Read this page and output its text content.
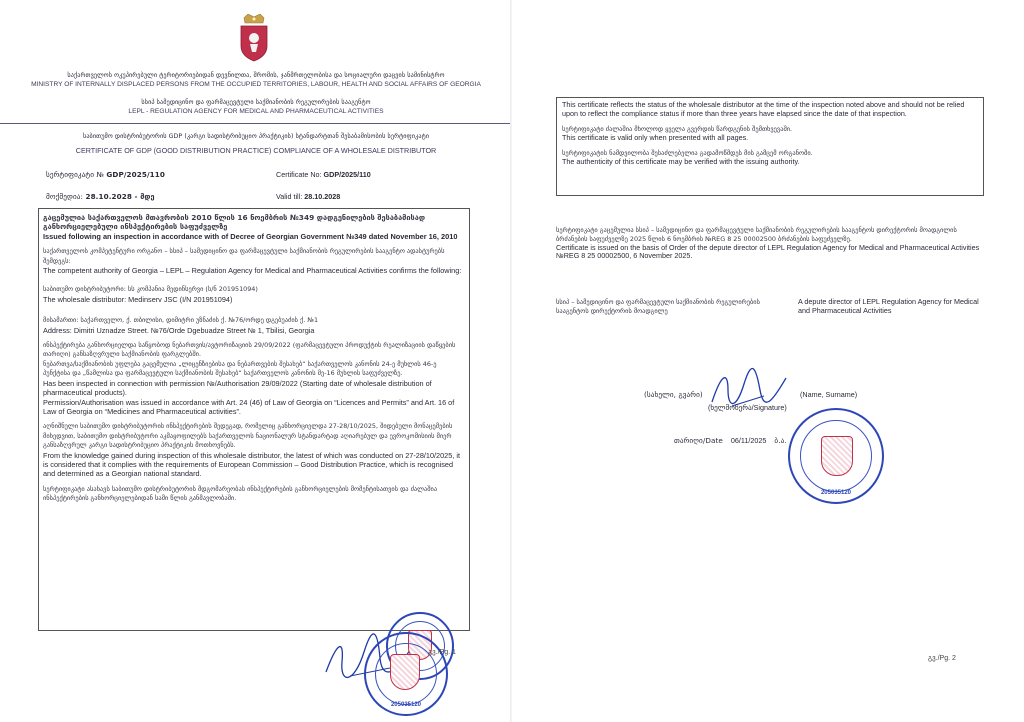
საქართველოს ოკუპირებული ტერიტორიებიდან დევნილთა, შრომის, ჯანმრთელობისა და სოციალური დაცვის სამინისტრო
MINISTRY OF INTERNALLY DISPLACED PERSONS FROM THE OCCUPIED TERRITORIES, LABOUR, HEALTH AND SOCIAL AFFAIRS OF GEORGIA
სსიპ სამედიცინო და ფარმაცევტული საქმიანობის რეგულირების სააგენტო
LEPL - REGULATION AGENCY FOR MEDICAL AND PHARMACEUTICAL ACTIVITIES
საბითუმო დისტრიბუტორის GDP (კარგი სადისტრიბუციო პრაქტიკის) სტანდარტთან შესაბამისობის სერტიფიკატი
CERTIFICATE OF GDP (GOOD DISTRIBUTION PRACTICE) COMPLIANCE OF A WHOLESALE DISTRIBUTOR
სერტიფიკატი № GDP/2025/110	Certificate No: GDP/2025/110
მოქმედია: 28.10.2028 - მდე	Valid till: 28.10.2028

გაცემულია საქართველოს მთავრობის 2010 წლის 16 ნოემბრის №349 დადგენილების შესაბამისად განხორციელებული ინსპექტირების საფუძველზე

Issued following an inspection in accordance with of Decree of Georgian Government №349 dated November 16, 2010

საქართველოს კომპეტენტური ორგანო – სსიპ – სამედიცინო და ფარმაცევტული საქმიანობის რეგულირების სააგენტო ადასტურებს შემდეგს:

The competent authority of Georgia – LEPL – Regulation Agency for Medical and Pharmaceutical Activities confirms the following:

საბითუმო დისტრიბუტორი: სს კომპანია მედინსერვი (ს/ნ 201951094)

The wholesale distributor: Medinserv JSC (I/N 201951094)

მისამართი: საქართველო, ქ. თბილისი, დიმიტრი უზნაძის ქ. №76/ორდე დგებუაძის ქ. №1

Address: Dimitri Uznadze Street. №76/Orde Dgebuadze Street № 1, Tbilisi, Georgia

ინსპექტირება განხორციელდა საწყობოდ ნებართვის/ავტორიზაციის 29/09/2022 (ფარმაცევტული პროდუქტის რეალიზაციის დაწყების თარიღი) განსაზღვრული საქმიანობის ფარგლებში.

ნებართვა/საქმიანობის უფლება გაცემულია „ლიცენზიებისა და ნებართვების შესახებ“ საქართველოს კანონის 24-ე მუხლის 46-ე პუნქტისა და „წამლისა და ფარმაცევტული საქმიანობის შესახებ“ საქართველოს კანონის მე-16 მუხლის საფუძველზე.

Has been inspected in connection with permission №/Authorisation 29/09/2022 (Starting date of wholesale distribution of pharmaceutical products).

Permission/Authorisation was issued in accordance with Art. 24 (46) of Law of Georgia on “Licences and Permits” and Art. 16 of Law of Georgia on “Medicines and Pharmaceutical activities”.

აღნიშნული საბითუმო დისტრიბუტორის ინსპექტირების შედეგად, რომელიც განხორციელდა 27-28/10/2025, შიდებული მონაცემების მიხედვით, საბითუმო დისტრიბუტორი აკმაყოფილებს საქართველოს ნაციონალურ სტანდარტად აღიარებულ და ევროკომისიის მიერ განსაზღვრულ კარგი სადისტრიბუციო პრაქტიკის მოთხოვნებს.

From the knowledge gained during inspection of this wholesale distributor, the latest of which was conducted on 27-28/10/2025, it is considered that it complies with the requirements of European Commission – Good Distribution Practice, which is recognised and determined as a Georgian national standard.

სერტიფიკატი ასახავს საბითუმო დისტრიბუტორის მდგომარეობას ინსპექტირების განხორციელების მომენტისათვის და ძალაშია ინსპექტირების განხორციელებიდან სამი წლის განმავლობაში.

205035120
გვ./Pg. 1

This certificate reflects the status of the wholesale distributor at the time of the inspection noted above and should not be relied upon to reflect the compliance status if more than three years have elapsed since the date of that inspection.

სერტიფიკატი ძალაშია მხოლოდ ყველა გვერდის წარდგენის შემთხვევაში.

This certificate is valid only when presented with all pages.

სერტიფიკატის ნამდვილობა შესაძლებელია გადამოწმდეს მის გამცემ ორგანოში.

The authenticity of this certificate may be verified with the issuing authority.

სერტიფიკატი გაცემულია სსიპ – სამედიცინო და ფარმაცევტული საქმიანობის რეგულირების სააგენტოს დირექტორის მოადგილის ბრძანების საფუძველზე 2025 წლის 6 ნოემბრის №REG 8 25 00002500 ბრძანების საფუძველზე.

Certificate is issued on the basis of Order of the depute director of LEPL Regulation Agency for Medical and Pharmaceutical Activities №REG 8 25 00002500, 6 November 2025.

სსიპ – სამედიცინო და ფარმაცევტული საქმიანობის რეგულირების სააგენტოს დირექტორის მოადგილე

A depute director of LEPL Regulation Agency for Medical and Pharmaceutical Activities

(სახელი, გვარი)	(Name, Surname)
(ხელმოწერა/Signature)
თარიღი/Date 06/11/2025 ბ.ა.
205035120
გვ./Pg. 2
